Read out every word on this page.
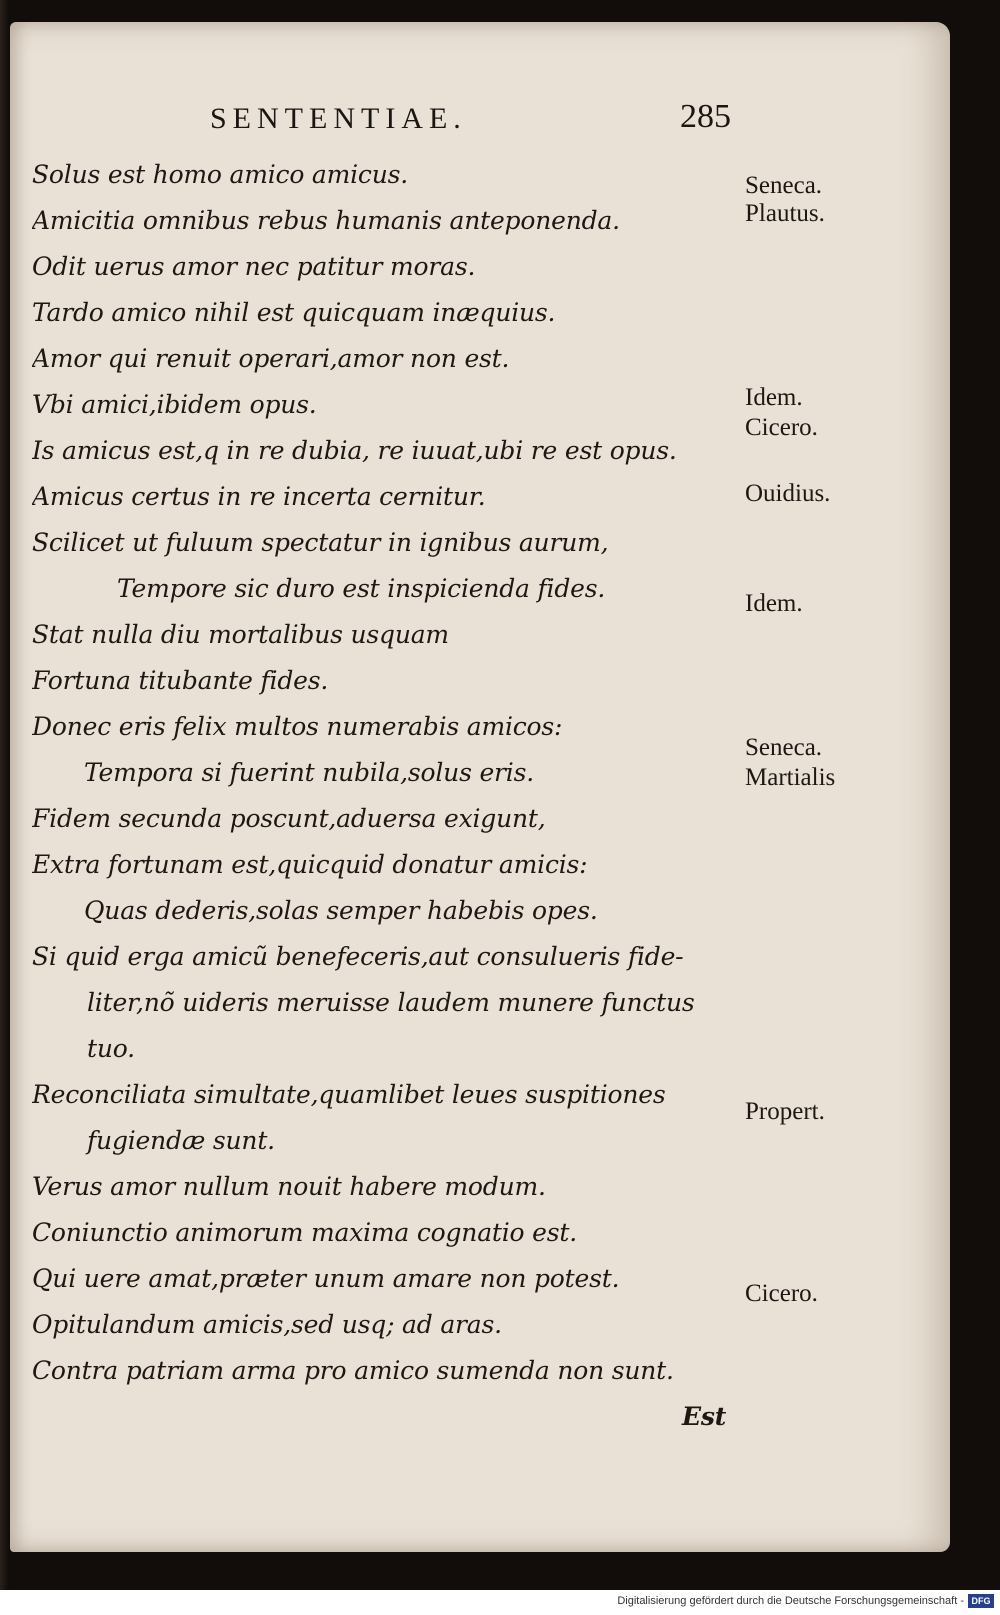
SENTENTIAE.	285
Solus est homo amico amicus.
Amicitia omnibus rebus humanis anteponenda.
Odit uerus amor nec patitur moras.
Tardo amico nihil est quicquam inæquius.
Amor qui renuit operari,amor non est.
Vbi amici,ibidem opus.
Is amicus est,q in re dubia, re iuuat,ubi re est opus.
Amicus certus in re incerta cernitur.
Scilicet ut fuluum spectatur in ignibus aurum,
Tempore sic duro est inspicienda fides.
Stat nulla diu mortalibus usquam
Fortuna titubante fides.
Donec eris felix multos numerabis amicos:
Tempora si fuerint nubila,solus eris.
Fidem secunda poscunt,aduersa exigunt,
Extra fortunam est,quicquid donatur amicis:
Quas dederis,solas semper habebis opes.
Si quid erga amicũ benefeceris,aut consulueris fide-
liter,nõ uideris meruisse laudem munere functus
tuo.
Reconciliata simultate,quamlibet leues suspitiones
fugiendæ sunt.
Verus amor nullum nouit habere modum.
Coniunctio animorum maxima cognatio est.
Qui uere amat,præter unum amare non potest.
Opitulandum amicis,sed usq; ad aras.
Contra patriam arma pro amico sumenda non sunt.
Est
Seneca.
Plautus.
Idem.
Cicero.
Ouidius.
Idem.
Seneca.
Martialis
Propert.
Cicero.
Digitalisierung gefördert durch die Deutsche Forschungsgemeinschaft - DFG
